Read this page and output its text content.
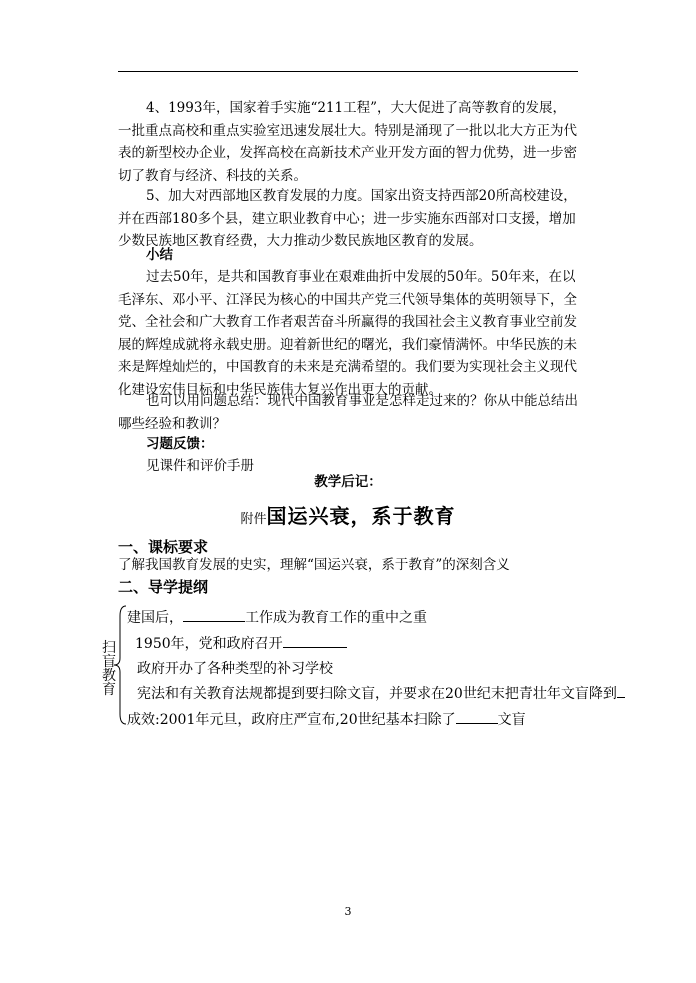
4、1993年，国家着手实施“211工程”，大大促进了高等教育的发展，一批重点高校和重点实验室迅速发展壮大。特别是涌现了一批以北大方正为代表的新型校办企业，发挥高校在高新技术产业开发方面的智力优势，进一步密切了教育与经济、科技的关系。

5、加大对西部地区教育发展的力度。国家出资支持西部20所高校建设，并在西部180多个县，建立职业教育中心；进一步实施东西部对口支援，增加少数民族地区教育经费，大力推动少数民族地区教育的发展。

小结

过去50年，是共和国教育事业在艰难曲折中发展的50年。50年来，在以毛泽东、邓小平、江泽民为核心的中国共产党三代领导集体的英明领导下，全党、全社会和广大教育工作者艰苦奋斗所赢得的我国社会主义教育事业空前发展的辉煌成就将永载史册。迎着新世纪的曙光，我们豪情满怀。中华民族的未来是辉煌灿烂的，中国教育的未来是充满希望的。我们要为实现社会主义现代化建设宏伟目标和中华民族伟大复兴作出更大的贡献。

也可以用问题总结：现代中国教育事业是怎样走过来的？你从中能总结出哪些经验和教训？

习题反馈：

见课件和评价手册

教学后记：
附件国运兴衰，系于教育
一、课标要求
了解我国教育发展的史实，理解“国运兴衰，系于教育”的深刻含义
二、导学提纲
扫盲教育
建国后，	工作成为教育工作的重中之重
1950年，党和政府召开
政府开办了各种类型的补习学校
宪法和有关教育法规都提到要扫除文盲，并要求在20世纪末把青壮年文盲降到
成效:2001年元旦，政府庄严宣布,20世纪基本扫除了	文盲
3
